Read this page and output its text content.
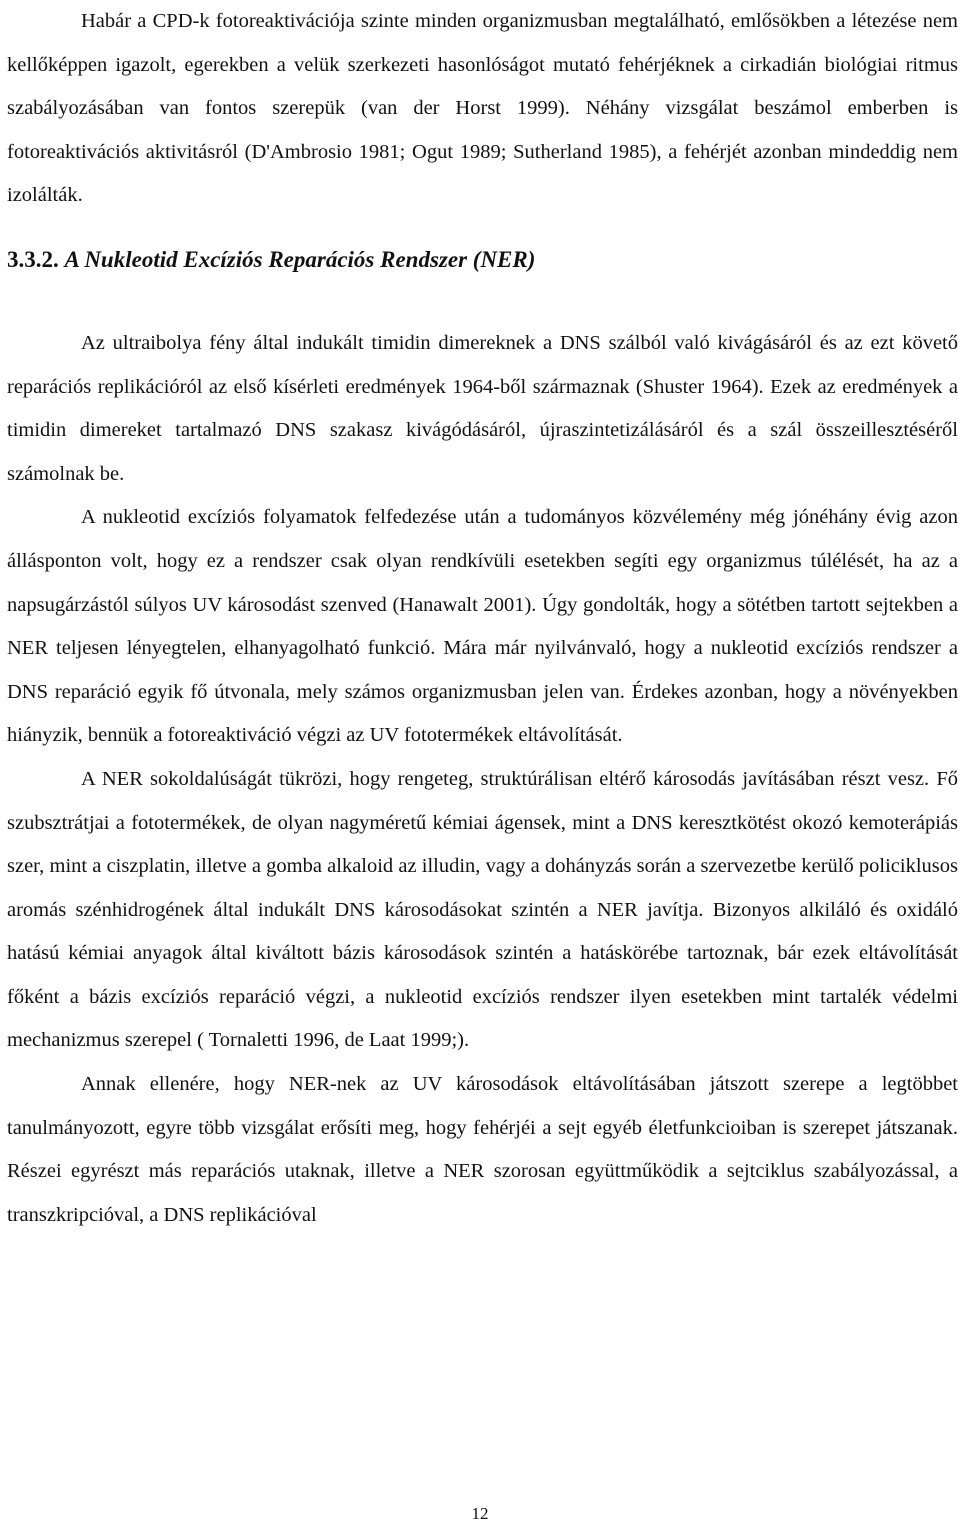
Habár a CPD-k fotoreaktivációja szinte minden organizmusban megtalálható, emlősökben a létezése nem kellőképpen igazolt, egerekben a velük szerkezeti hasonlóságot mutató fehérjéknek a cirkadián biológiai ritmus szabályozásában van fontos szerepük (van der Horst 1999). Néhány vizsgálat beszámol emberben is fotoreaktivációs aktivitásról (D'Ambrosio 1981; Ogut 1989; Sutherland 1985), a fehérjét azonban mindeddig nem izolálták.

3.3.2. A Nukleotid Excíziós Reparációs Rendszer (NER)

Az ultraibolya fény által indukált timidin dimereknek a DNS szálból való kivágásáról és az ezt követő reparációs replikációról az első kísérleti eredmények 1964-ből származnak (Shuster 1964). Ezek az eredmények a timidin dimereket tartalmazó DNS szakasz kivágódásáról, újraszintetizálásáról és a szál összeillesztéséről számolnak be.

A nukleotid excíziós folyamatok felfedezése után a tudományos közvélemény még jónéhány évig azon állásponton volt, hogy ez a rendszer csak olyan rendkívüli esetekben segíti egy organizmus túlélését, ha az a napsugárzástól súlyos UV károsodást szenved (Hanawalt 2001). Úgy gondolták, hogy a sötétben tartott sejtekben a NER teljesen lényegtelen, elhanyagolható funkció. Mára már nyilvánvaló, hogy a nukleotid excíziós rendszer a DNS reparáció egyik fő útvonala, mely számos organizmusban jelen van. Érdekes azonban, hogy a növényekben hiányzik, bennük a fotoreaktiváció végzi az UV fototermékek eltávolítását.

A NER sokoldalúságát tükrözi, hogy rengeteg, struktúrálisan eltérő károsodás javításában részt vesz. Fő szubsztrátjai a fototermékek, de olyan nagyméretű kémiai ágensek, mint a DNS keresztkötést okozó kemoterápiás szer, mint a ciszplatin, illetve a gomba alkaloid az illudin, vagy a dohányzás során a szervezetbe kerülő policiklusos aromás szénhidrogének által indukált DNS károsodásokat szintén a NER javítja. Bizonyos alkiláló és oxidáló hatású kémiai anyagok által kiváltott bázis károsodások szintén a hatáskörébe tartoznak, bár ezek eltávolítását főként a bázis excíziós reparáció végzi, a nukleotid excíziós rendszer ilyen esetekben mint tartalék védelmi mechanizmus szerepel ( Tornaletti 1996, de Laat 1999;).

Annak ellenére, hogy NER-nek az UV károsodások eltávolításában játszott szerepe a legtöbbet tanulmányozott, egyre több vizsgálat erősíti meg, hogy fehérjéi a sejt egyéb életfunkcioiban is szerepet játszanak. Részei egyrészt más reparációs utaknak, illetve a NER szorosan együttműködik a sejtciklus szabályozással, a transzkripcióval, a DNS replikációval

12
